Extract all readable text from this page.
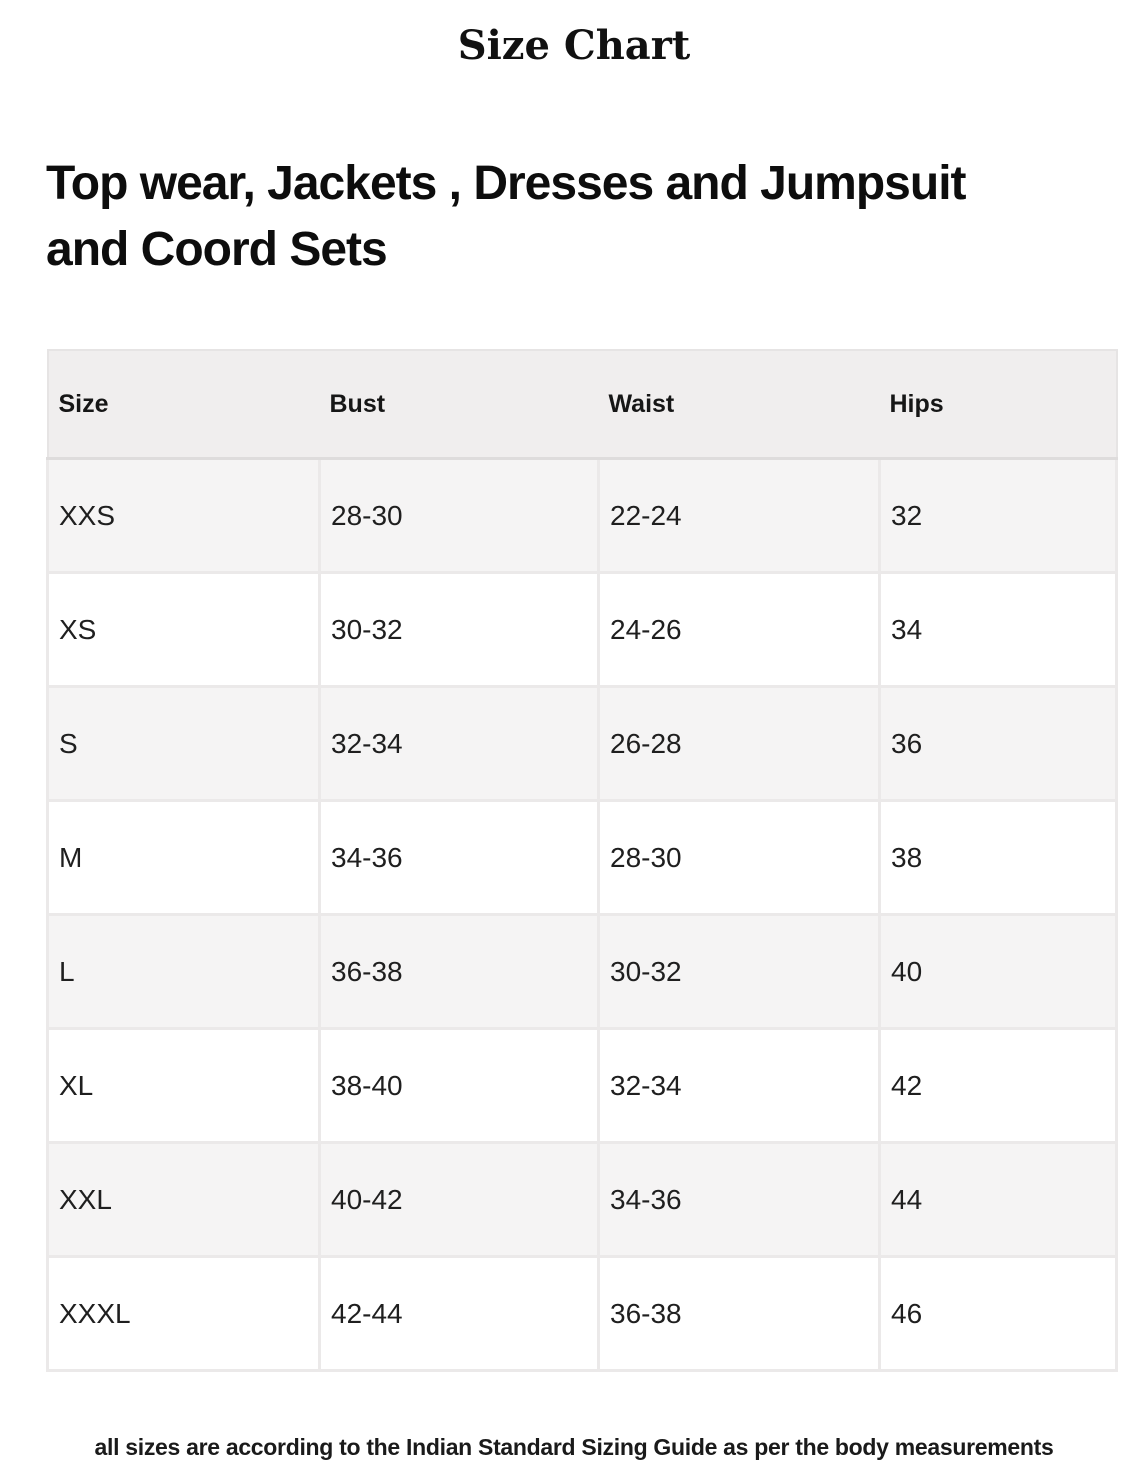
Size Chart
Top wear, Jackets , Dresses and Jumpsuit and Coord Sets
Size	Bust	Waist	Hips
XXS	28-30	22-24	32
XS	30-32	24-26	34
S	32-34	26-28	36
M	34-36	28-30	38
L	36-38	30-32	40
XL	38-40	32-34	42
XXL	40-42	34-36	44
XXXL	42-44	36-38	46
all sizes are according to the Indian Standard Sizing Guide as per the body measurements
